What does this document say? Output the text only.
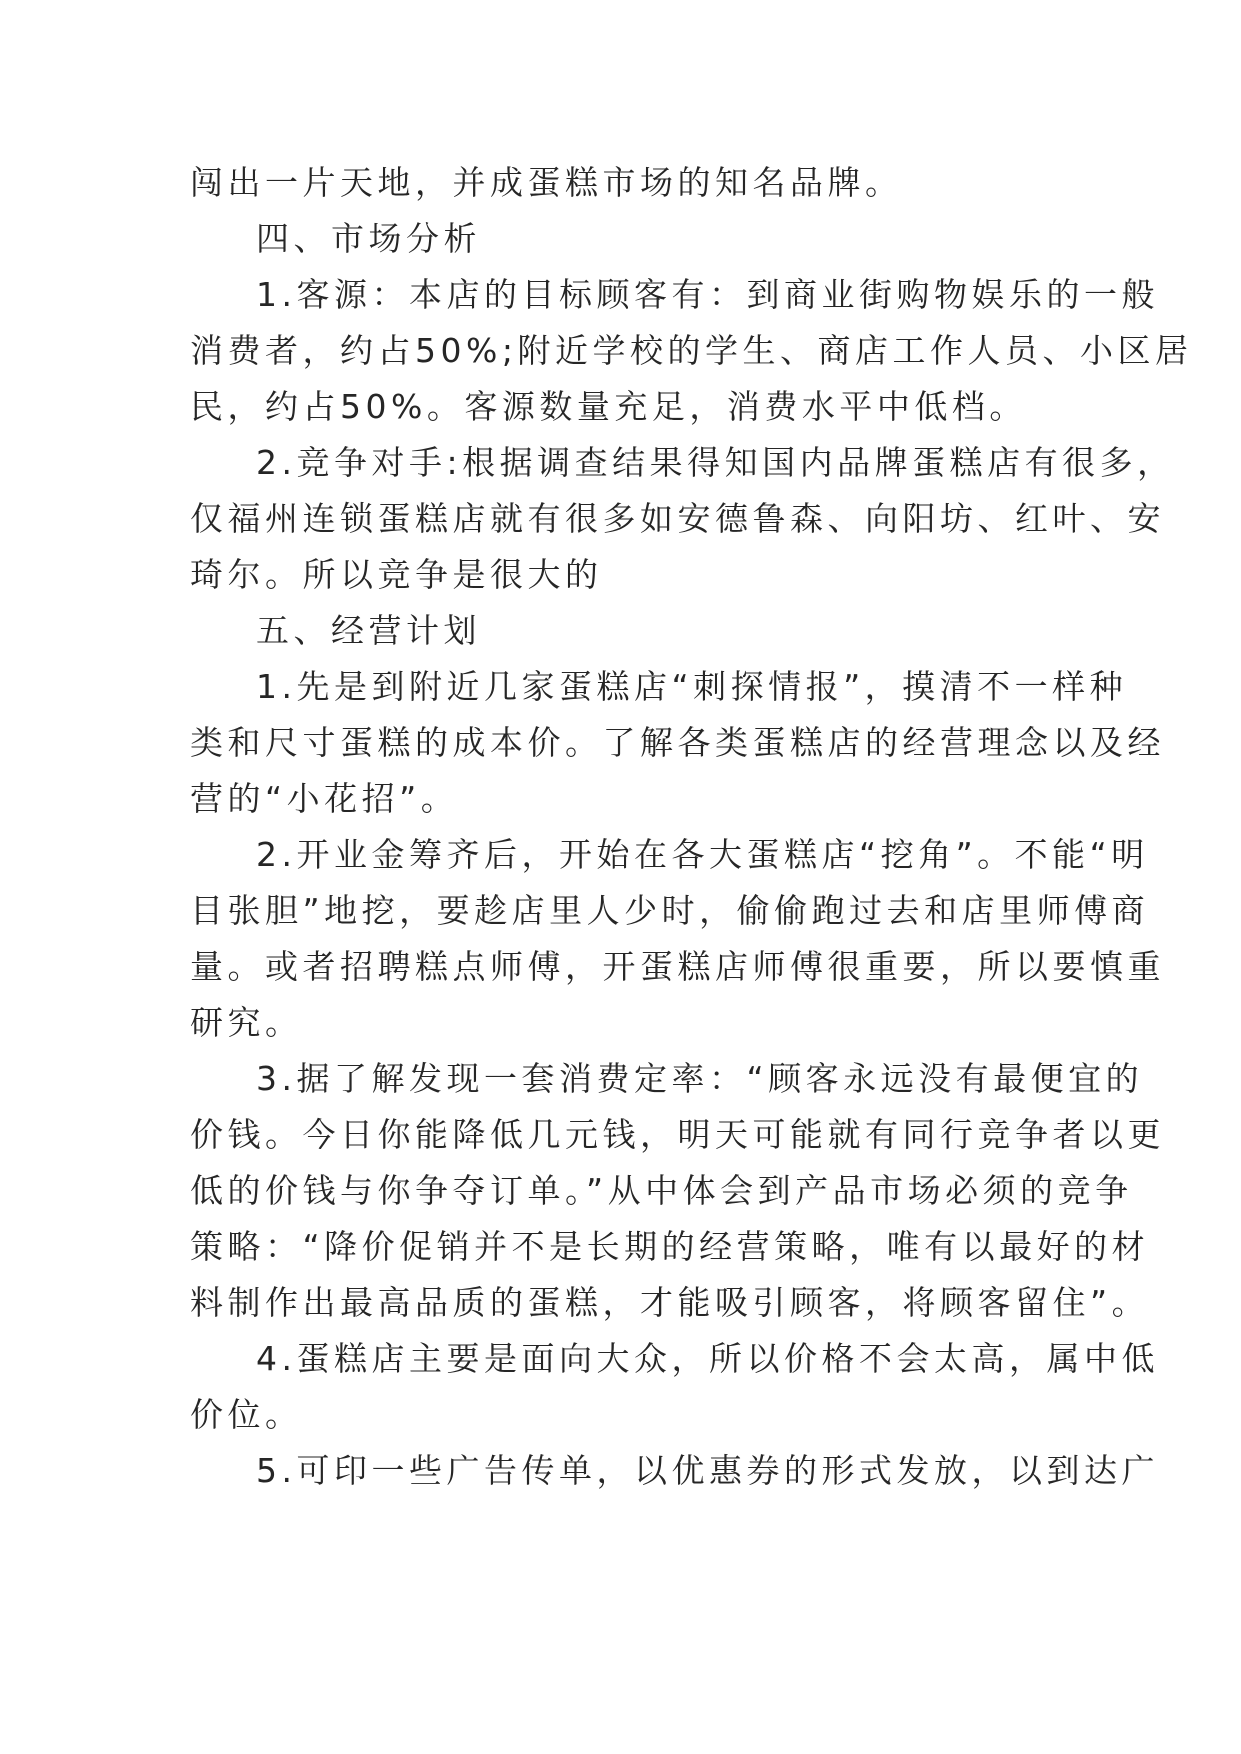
闯出一片天地，并成蛋糕市场的知名品牌。
四、市场分析
1.客源：本店的目标顾客有：到商业街购物娱乐的一般
消费者，约占50%;附近学校的学生、商店工作人员、小区居
民，约占50%。客源数量充足，消费水平中低档。
2.竞争对手:根据调查结果得知国内品牌蛋糕店有很多，
仅福州连锁蛋糕店就有很多如安德鲁森、向阳坊、红叶、安
琦尔。所以竞争是很大的
五、经营计划
1.先是到附近几家蛋糕店“刺探情报”，摸清不一样种
类和尺寸蛋糕的成本价。了解各类蛋糕店的经营理念以及经
营的“小花招”。
2.开业金筹齐后，开始在各大蛋糕店“挖角”。不能“明
目张胆”地挖，要趁店里人少时，偷偷跑过去和店里师傅商
量。或者招聘糕点师傅，开蛋糕店师傅很重要，所以要慎重
研究。
3.据了解发现一套消费定率：“顾客永远没有最便宜的
价钱。今日你能降低几元钱，明天可能就有同行竞争者以更
低的价钱与你争夺订单。”从中体会到产品市场必须的竞争
策略：“降价促销并不是长期的经营策略，唯有以最好的材
料制作出最高品质的蛋糕，才能吸引顾客，将顾客留住”。
4.蛋糕店主要是面向大众，所以价格不会太高，属中低
价位。
5.可印一些广告传单，以优惠券的形式发放，以到达广
